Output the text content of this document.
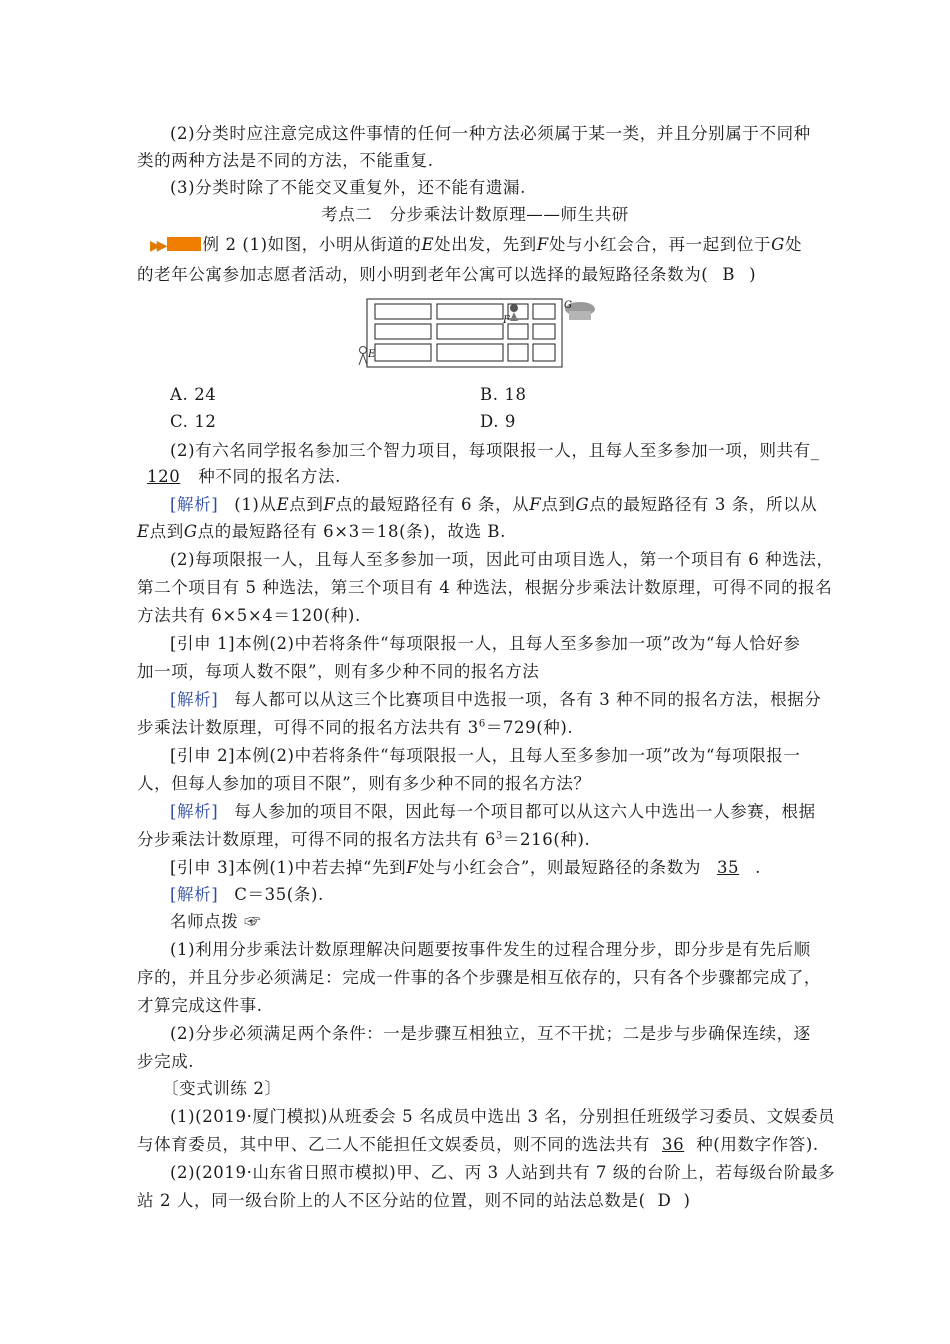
(2)分类时应注意完成这件事情的任何一种方法必须属于某一类，并且分别属于不同种
类的两种方法是不同的方法，不能重复.
(3)分类时除了不能交叉重复外，还不能有遗漏.
考点二　分步乘法计数原理——师生共研
▶▶ 例 2 (1)如图，小明从街道的E处出发，先到F处与小红会合，再一起到位于G处
的老年公寓参加志愿者活动，则小明到老年公寓可以选择的最短路径条数为( B )
E
F
G
A. 24	B. 18
C. 12	D. 9
(2)有六名同学报名参加三个智力项目，每项限报一人，且每人至多参加一项，则共有_
120 种不同的报名方法.
[解析] (1)从E点到F点的最短路径有 6 条，从F点到G点的最短路径有 3 条，所以从
E点到G点的最短路径有 6×3＝18(条)，故选 B.
(2)每项限报一人，且每人至多参加一项，因此可由项目选人，第一个项目有 6 种选法，
第二个项目有 5 种选法，第三个项目有 4 种选法，根据分步乘法计数原理，可得不同的报名
方法共有 6×5×4＝120(种).
[引申 1]本例(2)中若将条件“每项限报一人，且每人至多参加一项”改为“每人恰好参
加一项，每项人数不限”，则有多少种不同的报名方法
[解析] 每人都可以从这三个比赛项目中选报一项，各有 3 种不同的报名方法，根据分
步乘法计数原理，可得不同的报名方法共有 $3^6=729$(种).
[引申 2]本例(2)中若将条件“每项限报一人，且每人至多参加一项”改为“每项限报一
人，但每人参加的项目不限”，则有多少种不同的报名方法？
[解析] 每人参加的项目不限，因此每一个项目都可以从这六人中选出一人参赛，根据
分步乘法计数原理，可得不同的报名方法共有 $6^3=216$(种).
[引申 3]本例(1)中若去掉“先到F处与小红会合”，则最短路径的条数为 35 .
[解析] C＝35(条).
名师点拨 ☞
(1)利用分步乘法计数原理解决问题要按事件发生的过程合理分步，即分步是有先后顺
序的，并且分步必须满足：完成一件事的各个步骤是相互依存的，只有各个步骤都完成了，
才算完成这件事.
(2)分步必须满足两个条件：一是步骤互相独立，互不干扰；二是步与步确保连续，逐
步完成.
〔变式训练 2〕
(1)(2019·厦门模拟)从班委会 5 名成员中选出 3 名，分别担任班级学习委员、文娱委员
与体育委员，其中甲、乙二人不能担任文娱委员，则不同的选法共有 36 种(用数字作答).
(2)(2019·山东省日照市模拟)甲、乙、丙 3 人站到共有 7 级的台阶上，若每级台阶最多
站 2 人，同一级台阶上的人不区分站的位置，则不同的站法总数是( D )
